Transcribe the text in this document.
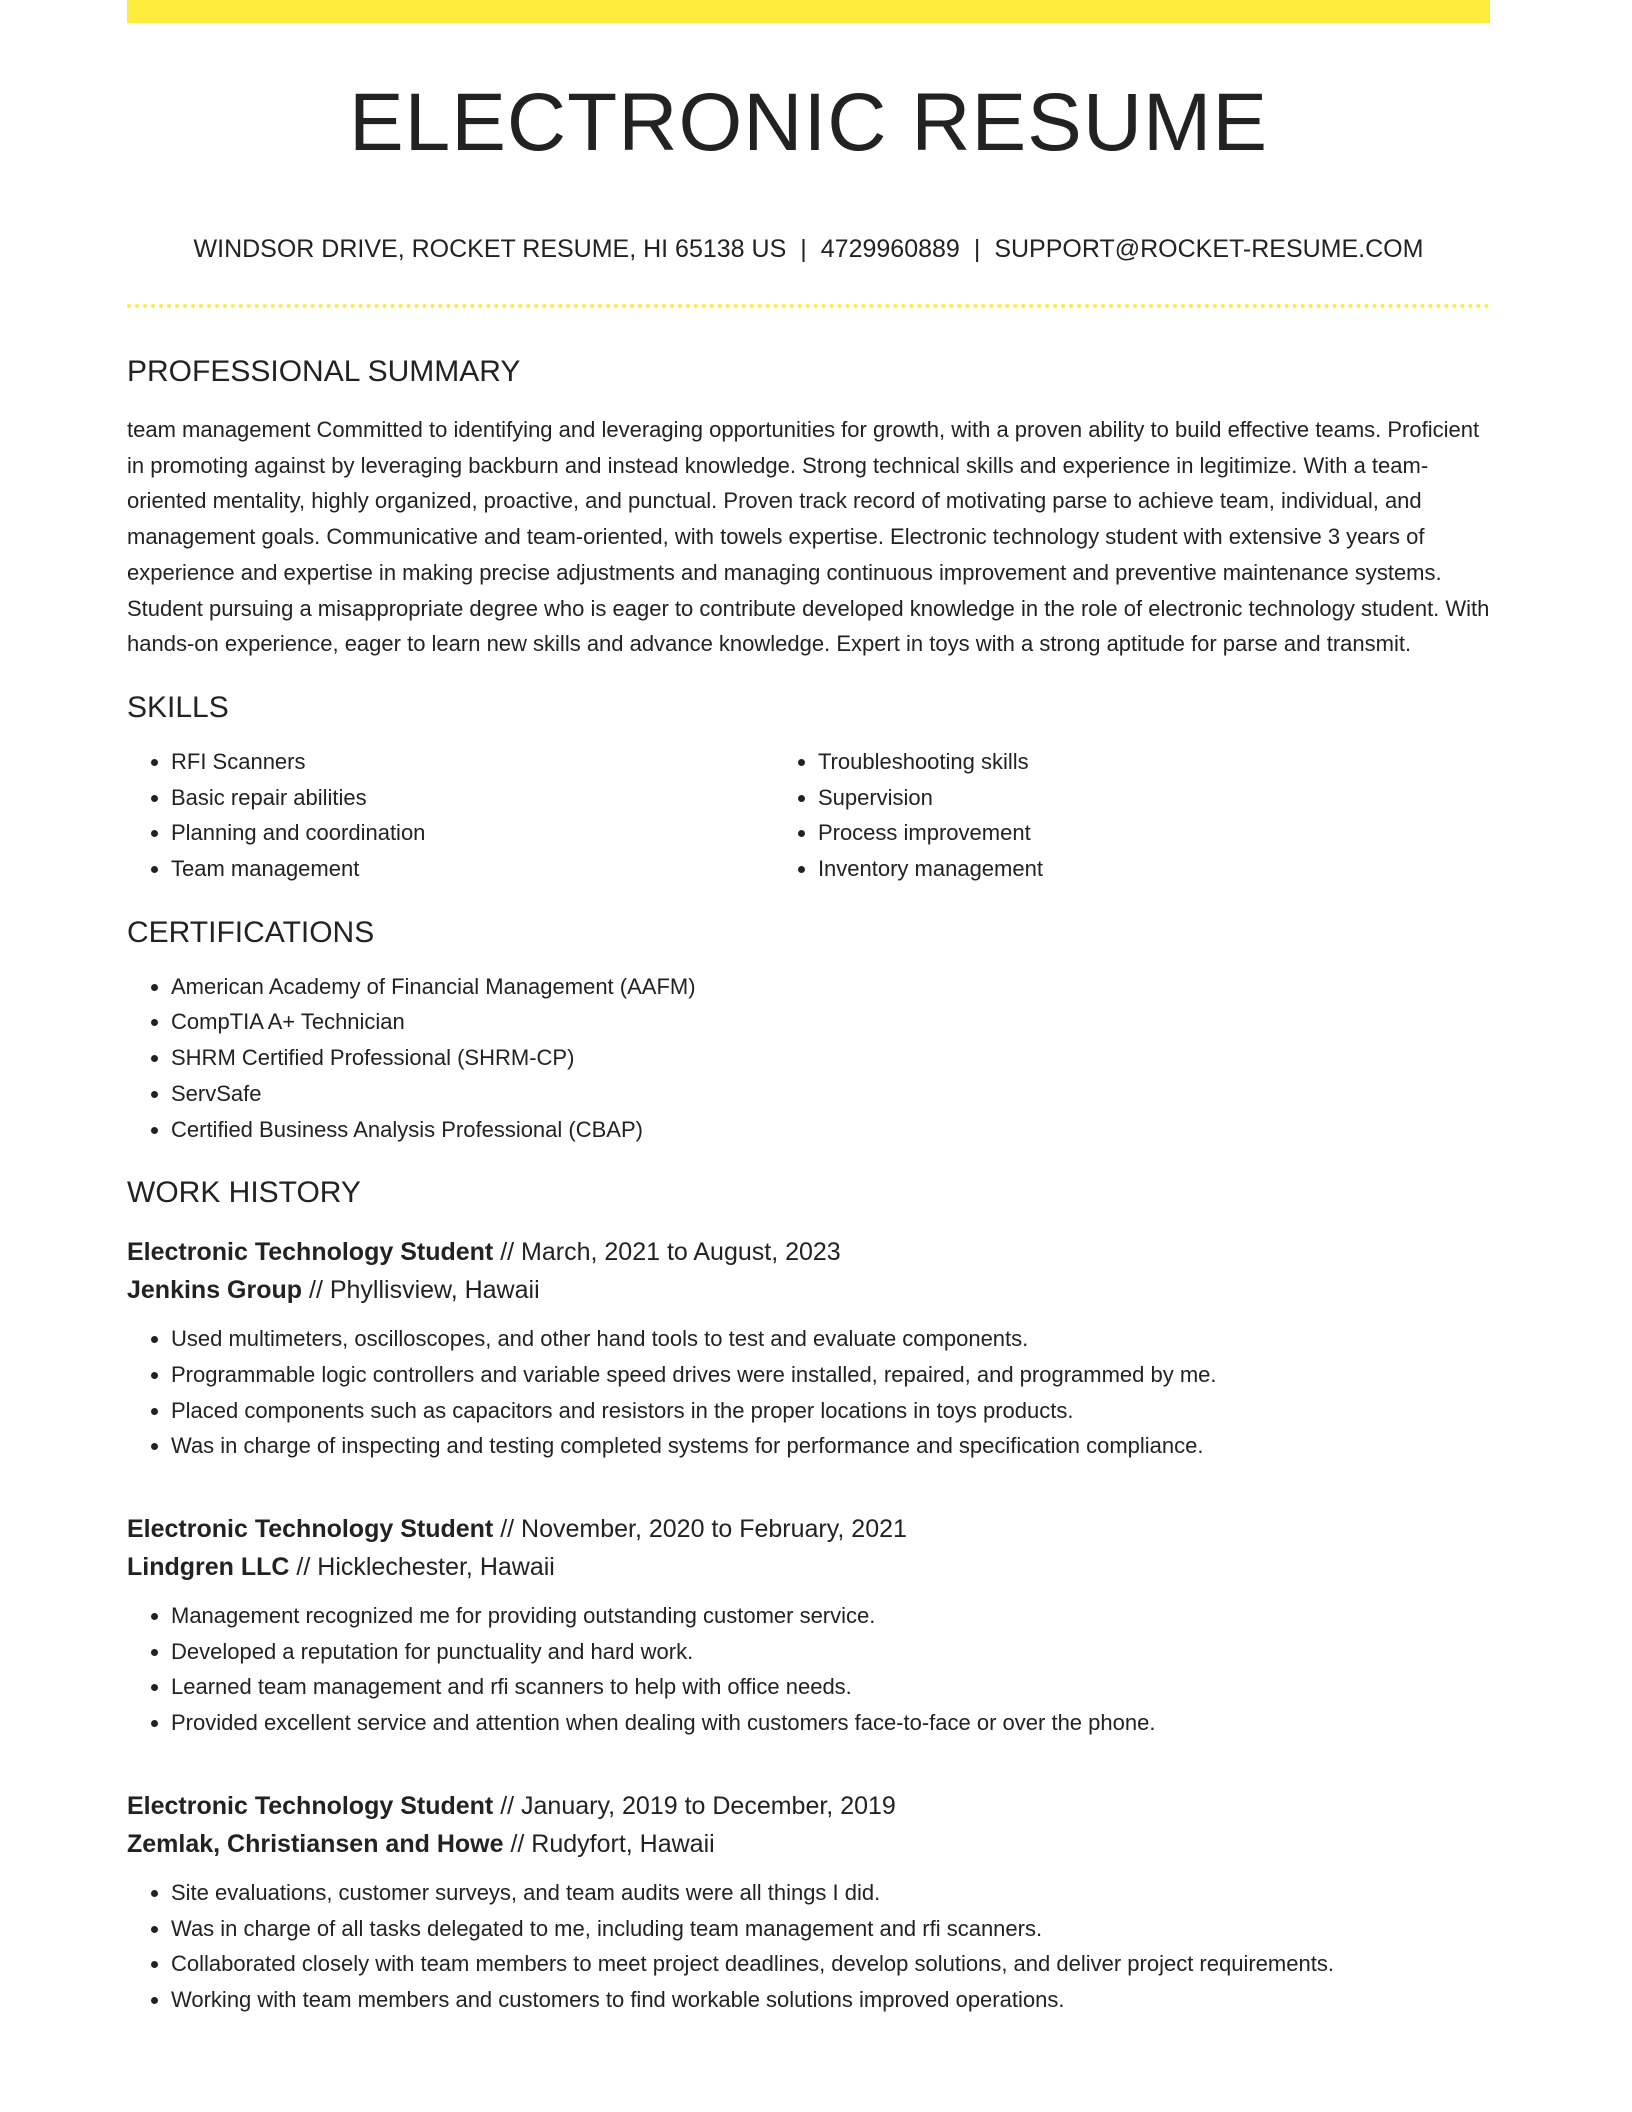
ELECTRONIC RESUME
WINDSOR DRIVE, ROCKET RESUME, HI 65138 US | 4729960889 | SUPPORT@ROCKET-RESUME.COM
PROFESSIONAL SUMMARY

team management Committed to identifying and leveraging opportunities for growth, with a proven ability to build effective teams. Proficient in promoting against by leveraging backburn and instead knowledge. Strong technical skills and experience in legitimize. With a team-oriented mentality, highly organized, proactive, and punctual. Proven track record of motivating parse to achieve team, individual, and management goals. Communicative and team-oriented, with towels expertise. Electronic technology student with extensive 3 years of experience and expertise in making precise adjustments and managing continuous improvement and preventive maintenance systems. Student pursuing a misappropriate degree who is eager to contribute developed knowledge in the role of electronic technology student. With hands-on experience, eager to learn new skills and advance knowledge. Expert in toys with a strong aptitude for parse and transmit.

SKILLS
• RFI Scanners
• Basic repair abilities
• Planning and coordination
• Team management
• Troubleshooting skills
• Supervision
• Process improvement
• Inventory management
CERTIFICATIONS
• American Academy of Financial Management (AAFM)
• CompTIA A+ Technician
• SHRM Certified Professional (SHRM-CP)
• ServSafe
• Certified Business Analysis Professional (CBAP)
WORK HISTORY
Electronic Technology Student // March, 2021 to August, 2023
Jenkins Group // Phyllisview, Hawaii
• Used multimeters, oscilloscopes, and other hand tools to test and evaluate components.
• Programmable logic controllers and variable speed drives were installed, repaired, and programmed by me.
• Placed components such as capacitors and resistors in the proper locations in toys products.
• Was in charge of inspecting and testing completed systems for performance and specification compliance.
Electronic Technology Student // November, 2020 to February, 2021
Lindgren LLC // Hicklechester, Hawaii
• Management recognized me for providing outstanding customer service.
• Developed a reputation for punctuality and hard work.
• Learned team management and rfi scanners to help with office needs.
• Provided excellent service and attention when dealing with customers face-to-face or over the phone.
Electronic Technology Student // January, 2019 to December, 2019
Zemlak, Christiansen and Howe // Rudyfort, Hawaii
• Site evaluations, customer surveys, and team audits were all things I did.
• Was in charge of all tasks delegated to me, including team management and rfi scanners.
• Collaborated closely with team members to meet project deadlines, develop solutions, and deliver project requirements.
• Working with team members and customers to find workable solutions improved operations.
